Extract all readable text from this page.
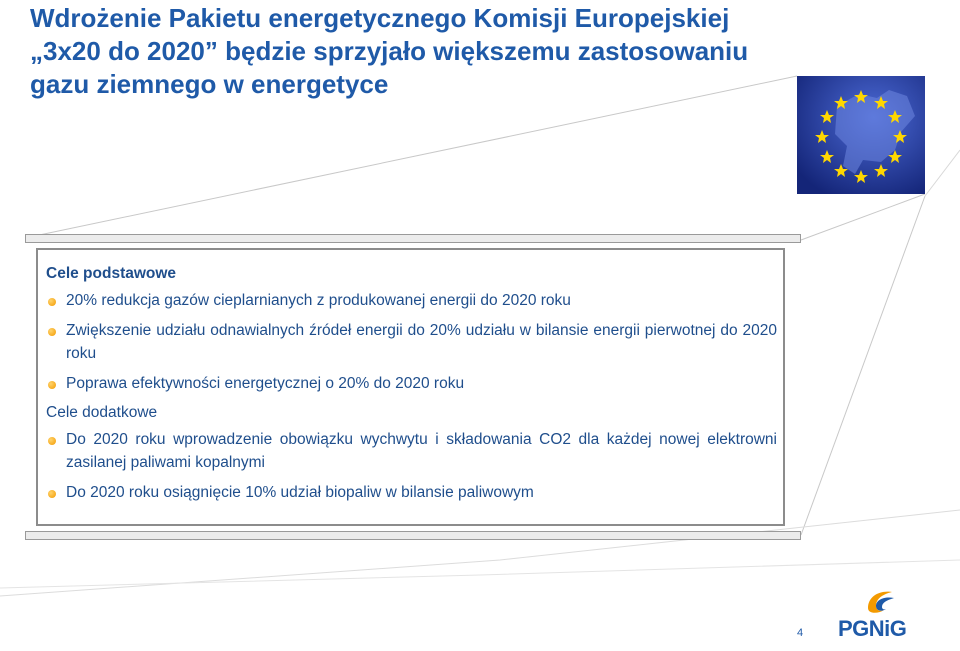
Wdrożenie Pakietu energetycznego Komisji Europejskiej „3x20 do 2020” będzie sprzyjało większemu zastosowaniu gazu ziemnego w energetyce

Cele podstawowe

20% redukcja gazów cieplarnianych z produkowanej energii do 2020 roku
Zwiększenie udziału odnawialnych źródeł energii do 20% udziału w bilansie energii pierwotnej do 2020 roku
Poprawa efektywności energetycznej o 20% do 2020 roku

Cele dodatkowe

Do 2020 roku wprowadzenie obowiązku wychwytu i składowania CO2 dla każdej nowej elektrowni zasilanej paliwami kopalnymi
Do 2020 roku osiągnięcie 10% udział biopaliw w bilansie paliwowym
4 PGNiG
